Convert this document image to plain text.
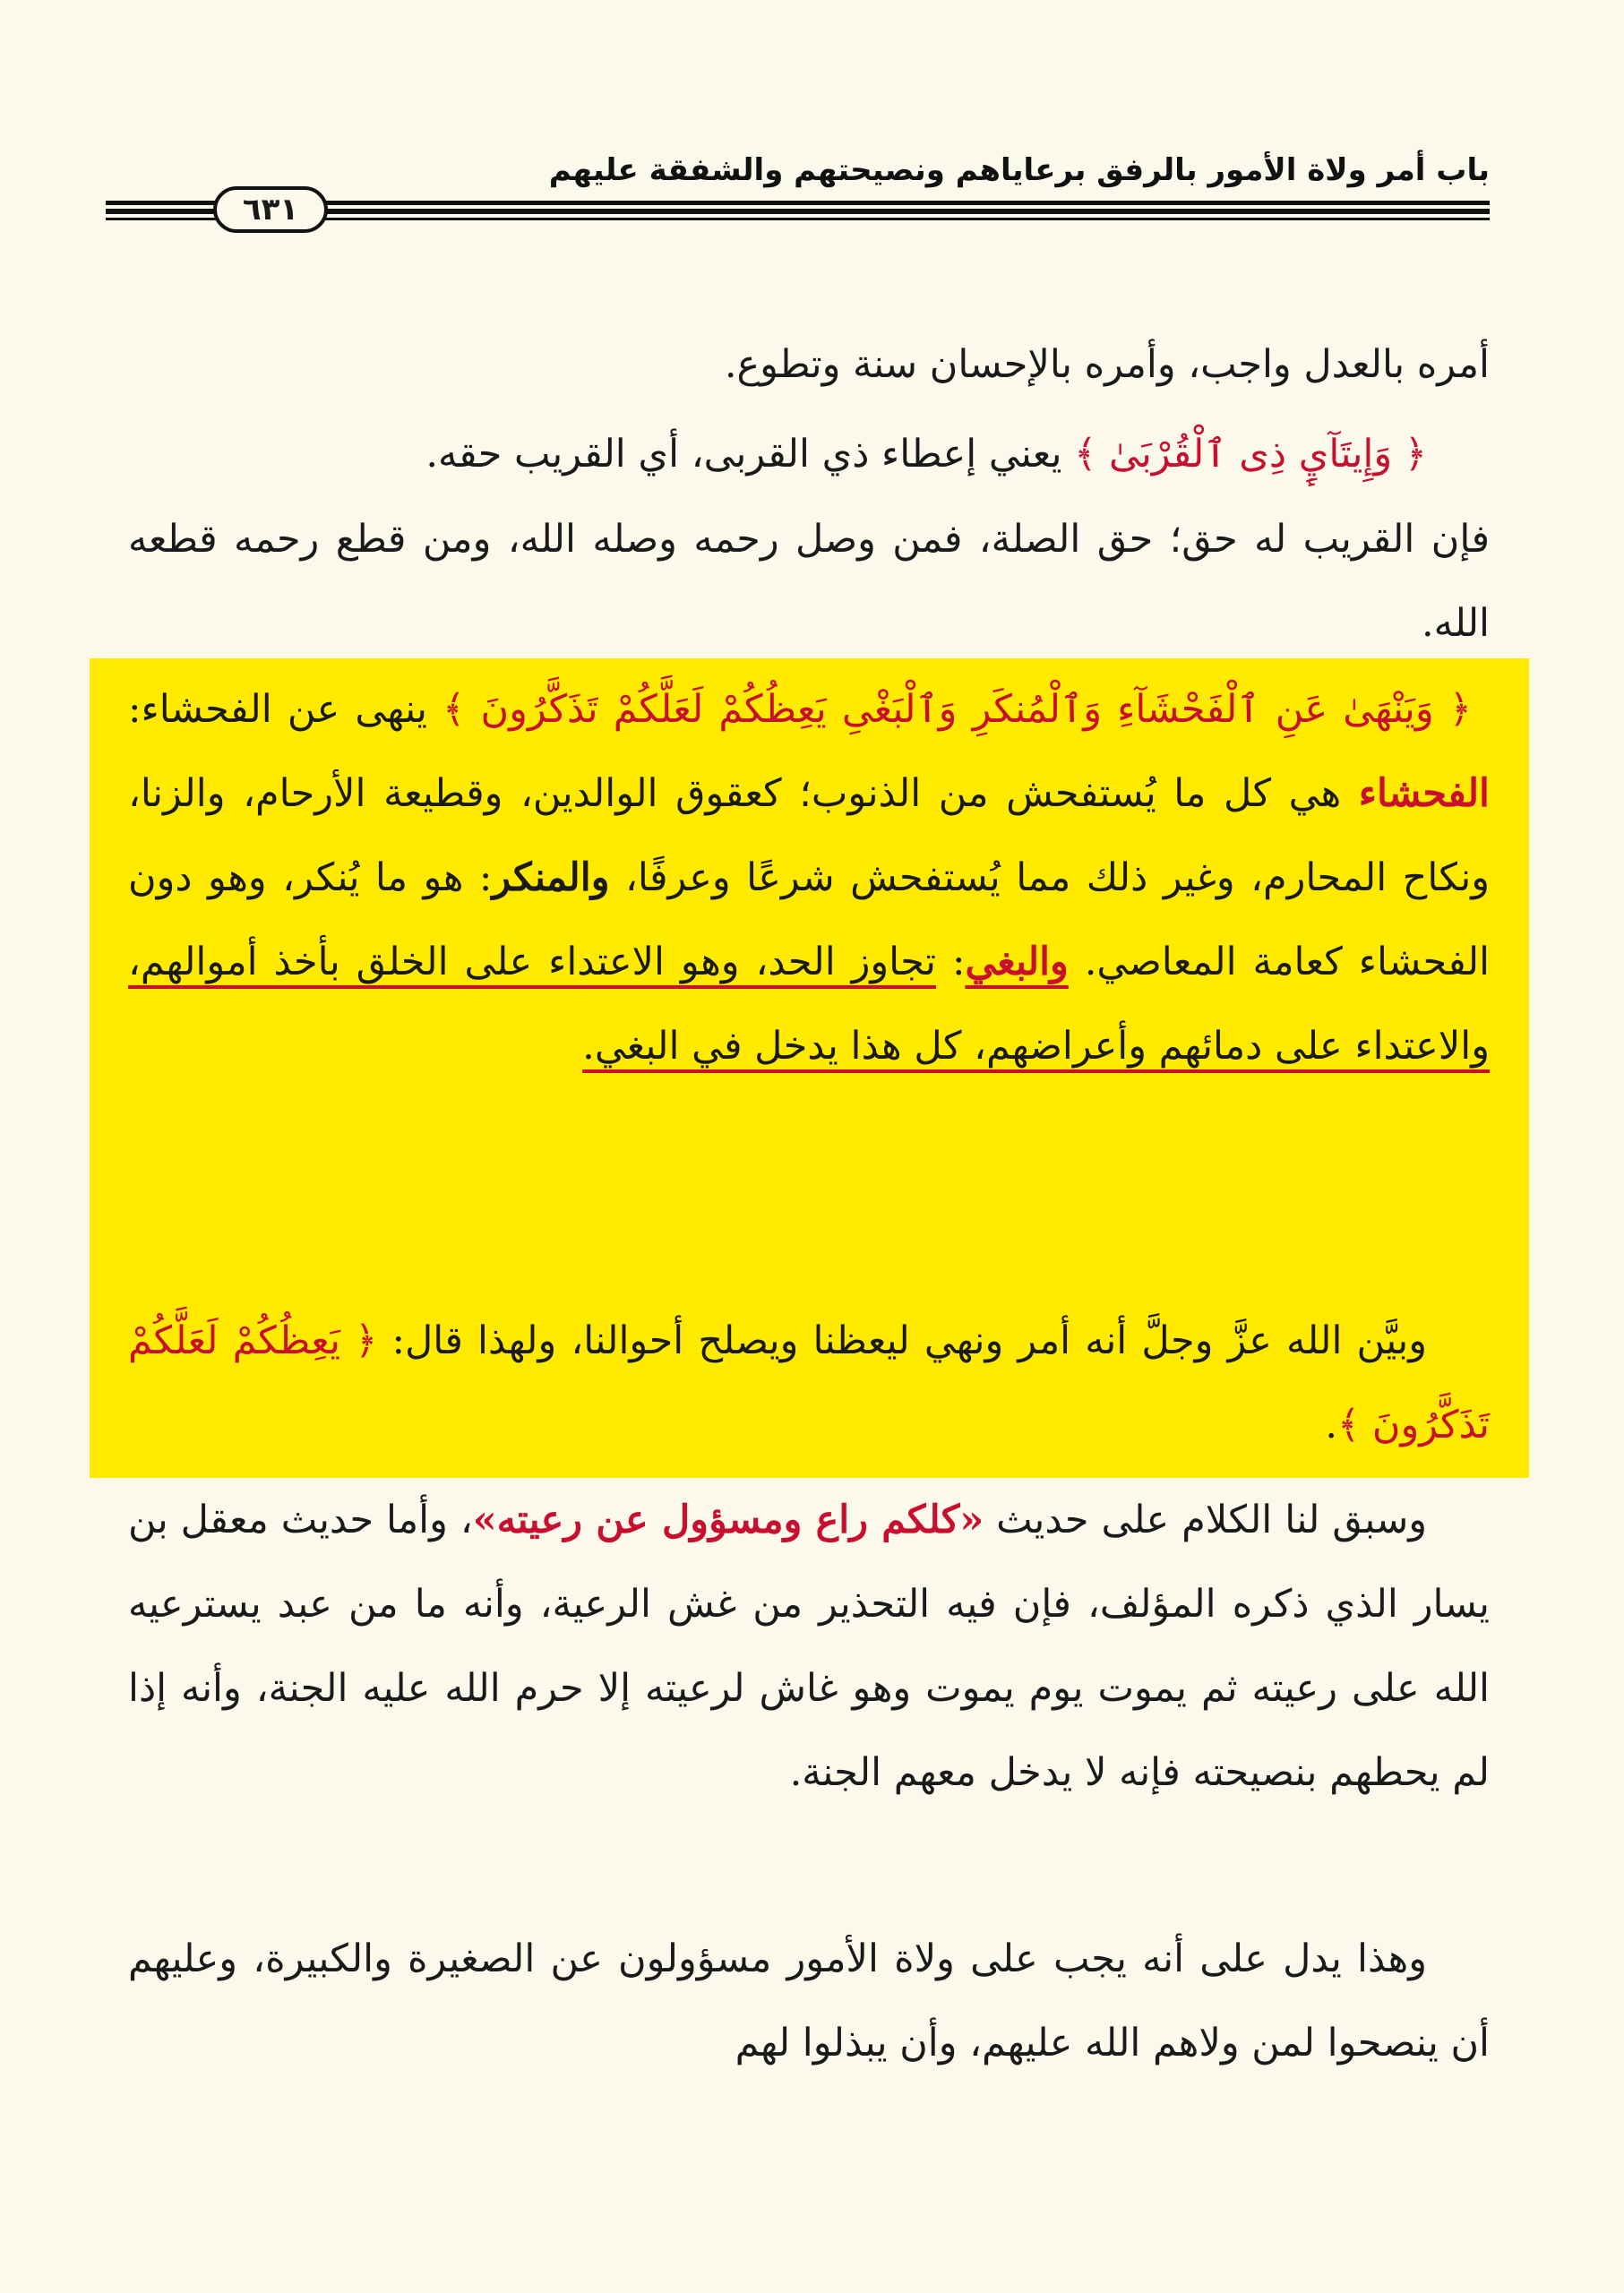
باب أمر ولاة الأمور بالرفق برعاياهم ونصيحتهم والشفقة عليهم
٦٣١

أمره بالعدل واجب، وأمره بالإحسان سنة وتطوع.

﴿ وَإِيتَآيِٕ ذِى ٱلْقُرْبَىٰ ﴾ يعني إعطاء ذي القربى، أي القريب حقه.

فإن القريب له حق؛ حق الصلة، فمن وصل رحمه وصله الله، ومن قطع رحمه قطعه الله.

﴿ وَيَنْهَىٰ عَنِ ٱلْفَحْشَآءِ وَٱلْمُنكَرِ وَٱلْبَغْىِ يَعِظُكُمْ لَعَلَّكُمْ تَذَكَّرُونَ ﴾ ينهى عن الفحشاء: الفحشاء هي كل ما يُستفحش من الذنوب؛ كعقوق الوالدين، وقطيعة الأرحام، والزنا، ونكاح المحارم، وغير ذلك مما يُستفحش شرعًا وعرفًا، والمنكر: هو ما يُنكر، وهو دون الفحشاء كعامة المعاصي. والبغي: تجاوز الحد، وهو الاعتداء على الخلق بأخذ أموالهم، والاعتداء على دمائهم وأعراضهم، كل هذا يدخل في البغي.

وبيَّن الله عزَّ وجلَّ أنه أمر ونهي ليعظنا ويصلح أحوالنا، ولهذا قال: ﴿ يَعِظُكُمْ لَعَلَّكُمْ تَذَكَّرُونَ ﴾.

وسبق لنا الكلام على حديث «كلكم راع ومسؤول عن رعيته»، وأما حديث معقل بن يسار الذي ذكره المؤلف، فإن فيه التحذير من غش الرعية، وأنه ما من عبد يسترعيه الله على رعيته ثم يموت يوم يموت وهو غاش لرعيته إلا حرم الله عليه الجنة، وأنه إذا لم يحطهم بنصيحته فإنه لا يدخل معهم الجنة.

وهذا يدل على أنه يجب على ولاة الأمور مسؤولون عن الصغيرة والكبيرة، وعليهم أن ينصحوا لمن ولاهم الله عليهم، وأن يبذلوا لهم
